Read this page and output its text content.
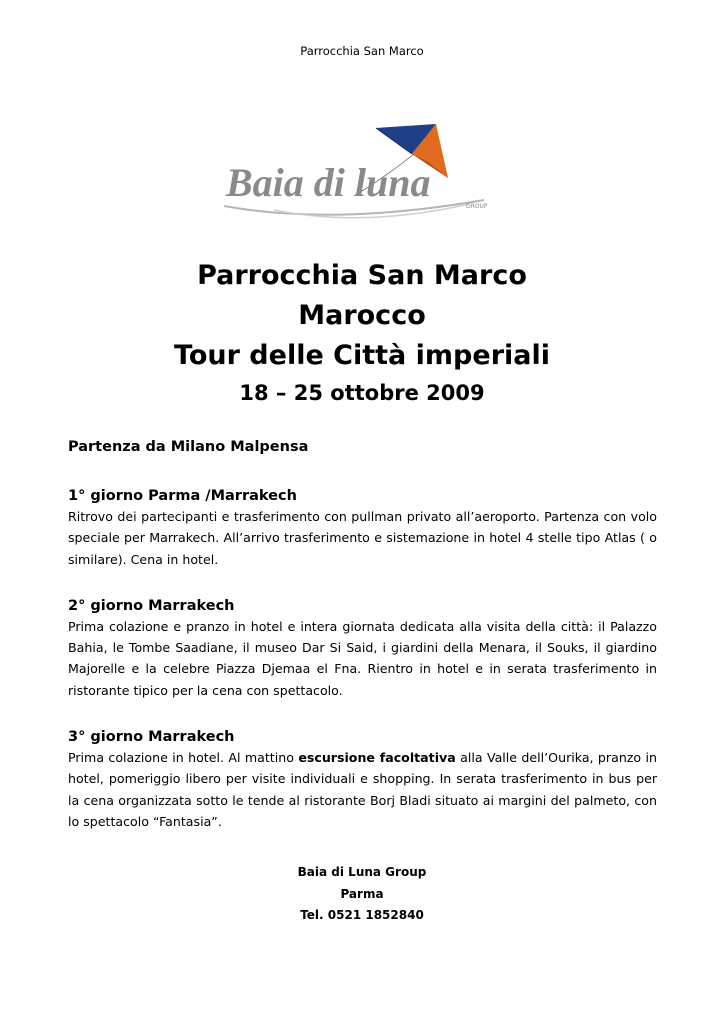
Parrocchia San Marco
Baia di luna
GROUP
Parrocchia San Marco
Marocco
Tour delle Città imperiali
18 – 25 ottobre 2009

Partenza da Milano Malpensa

1° giorno Parma /Marrakech

Ritrovo dei partecipanti e trasferimento con pullman privato all’aeroporto. Partenza con volo speciale per Marrakech. All’arrivo trasferimento e sistemazione in hotel 4 stelle tipo Atlas ( o similare). Cena in hotel.

2° giorno Marrakech

Prima colazione e pranzo in hotel e intera giornata dedicata alla visita della città: il Palazzo Bahia, le Tombe Saadiane, il museo Dar Si Said, i giardini della Menara, il Souks, il giardino Majorelle e la celebre Piazza Djemaa el Fna. Rientro in hotel e in serata trasferimento in ristorante tipico per la cena con spettacolo.

3° giorno Marrakech

Prima colazione in hotel. Al mattino escursione facoltativa alla Valle dell’Ourika, pranzo in hotel, pomeriggio libero per visite individuali e shopping. In serata trasferimento in bus per la cena organizzata sotto le tende al ristorante Borj Bladi situato ai margini del palmeto, con lo spettacolo “Fantasia”.

Baia di Luna Group
Parma
Tel. 0521 1852840
